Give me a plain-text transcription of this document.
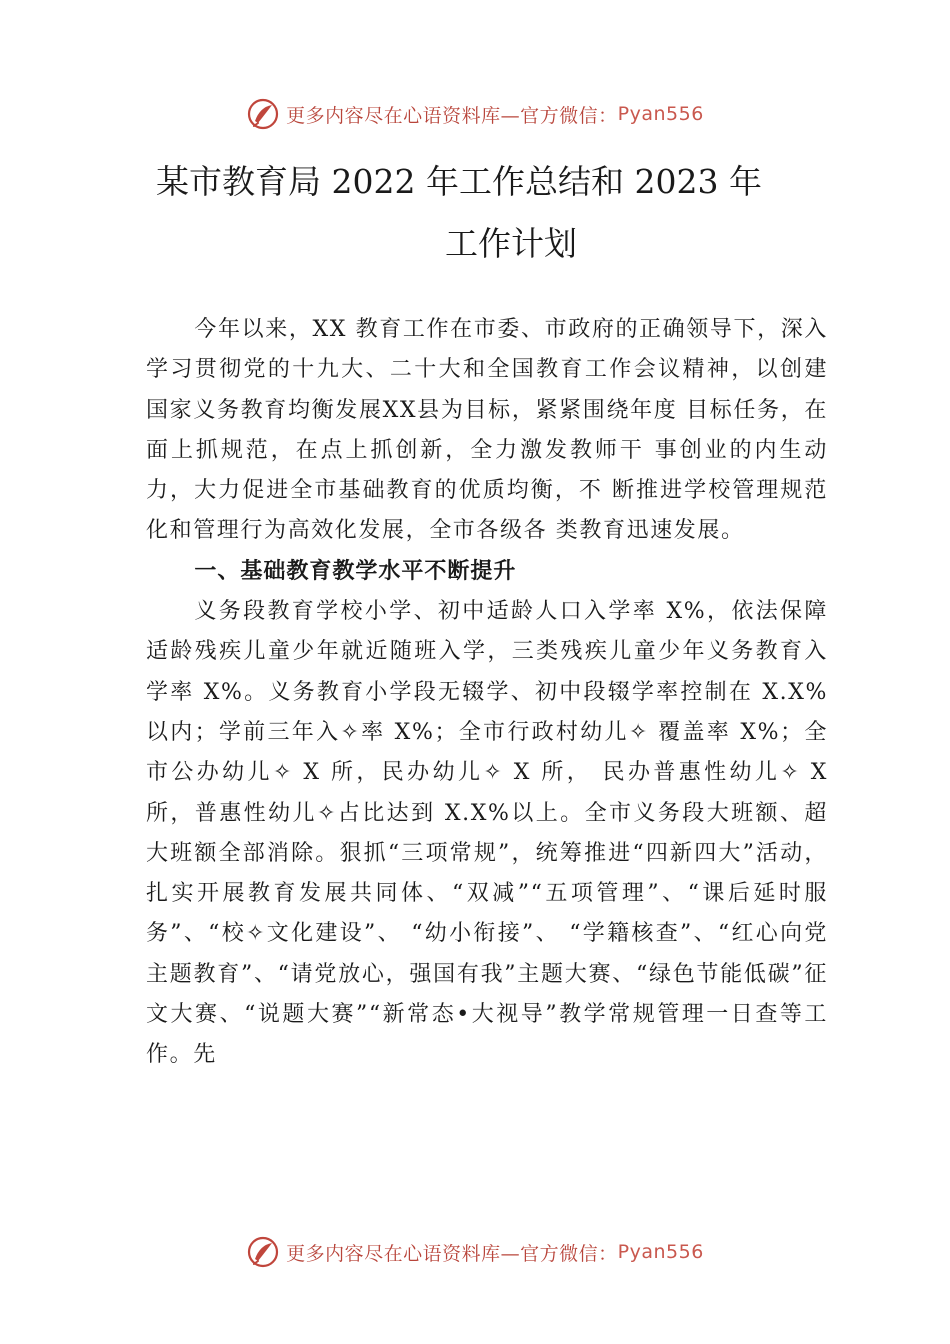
更多内容尽在心语资料库—官方微信： Pyan556
某市教育局 2022 年工作总结和 2023 年
工作计划

今年以来，XX 教育工作在市委、市政府的正确领导下，深入学习贯彻党的十九大、二十大和全国教育工作会议精神，以创建国家义务教育均衡发展XX县为目标，紧紧围绕年度 目标任务，在面上抓规范，在点上抓创新，全力激发教师干 事创业的内生动力，大力促进全市基础教育的优质均衡，不 断推进学校管理规范化和管理行为高效化发展，全市各级各 类教育迅速发展。

一、基础教育教学水平不断提升

义务段教育学校小学、初中适龄人口入学率 X%，依法保障适龄残疾儿童少年就近随班入学，三类残疾儿童少年义务教育入学率 X%。义务教育小学段无辍学、初中段辍学率控制在 X.X%以内；学前三年入✧率 X%；全市行政村幼儿✧ 覆盖率 X%；全市公办幼儿✧ X 所，民办幼儿✧ X 所， 民办普惠性幼儿✧ X 所，普惠性幼儿✧占比达到 X.X%以上。全市义务段大班额、超大班额全部消除。狠抓“三项常规”，统筹推进“四新四大”活动，扎实开展教育发展共同体、“双减”“五项管理”、“课后延时服务”、“校✧文化建设”、 “幼小衔接”、 “学籍核查”、“红心向党主题教育”、“请党放心，强国有我”主题大赛、“绿色节能低碳”征文大赛、“说题大赛”“新常态•大视导”教学常规管理一日查等工作。先

更多内容尽在心语资料库—官方微信： Pyan556
